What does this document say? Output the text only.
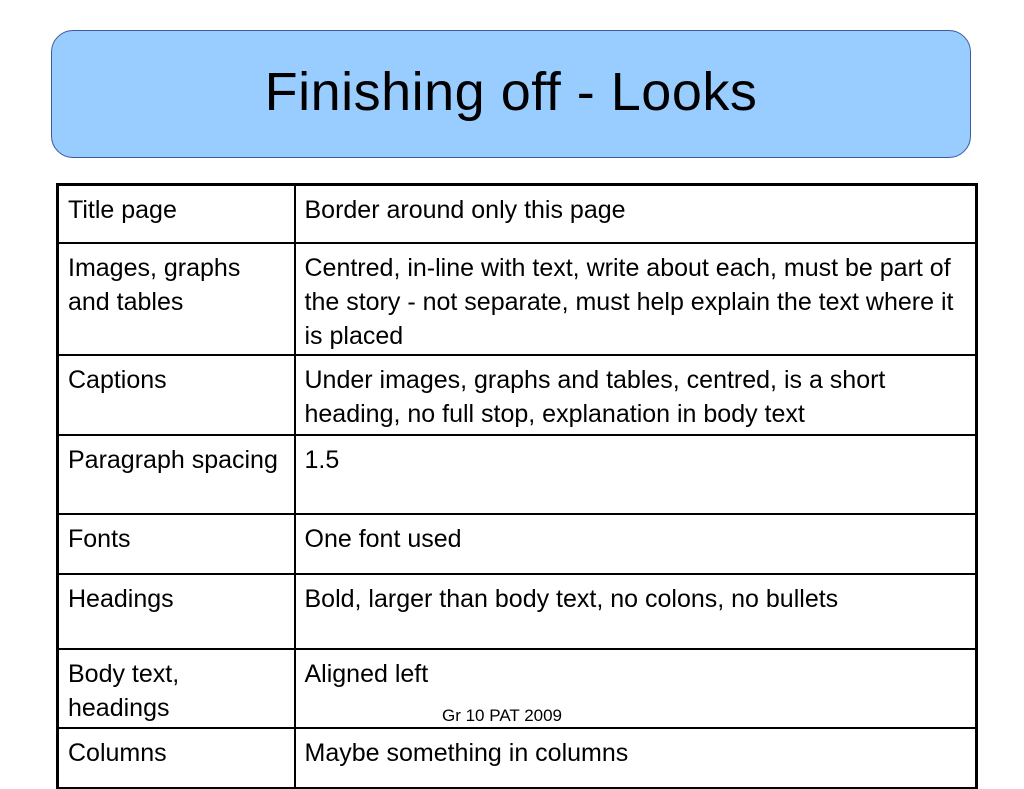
Finishing off - Looks
Title page	Border around only this page
Images, graphs and tables	Centred, in-line with text, write about each, must be part of the story - not separate, must help explain the text where it is placed
Captions	Under images, graphs and tables, centred, is a short heading, no full stop, explanation in body text
Paragraph spacing	1.5
Fonts	One font used
Headings	Bold, larger than body text, no colons, no bullets
Body text, headings	Aligned left
Columns	Maybe something in columns
Gr 10 PAT 2009
